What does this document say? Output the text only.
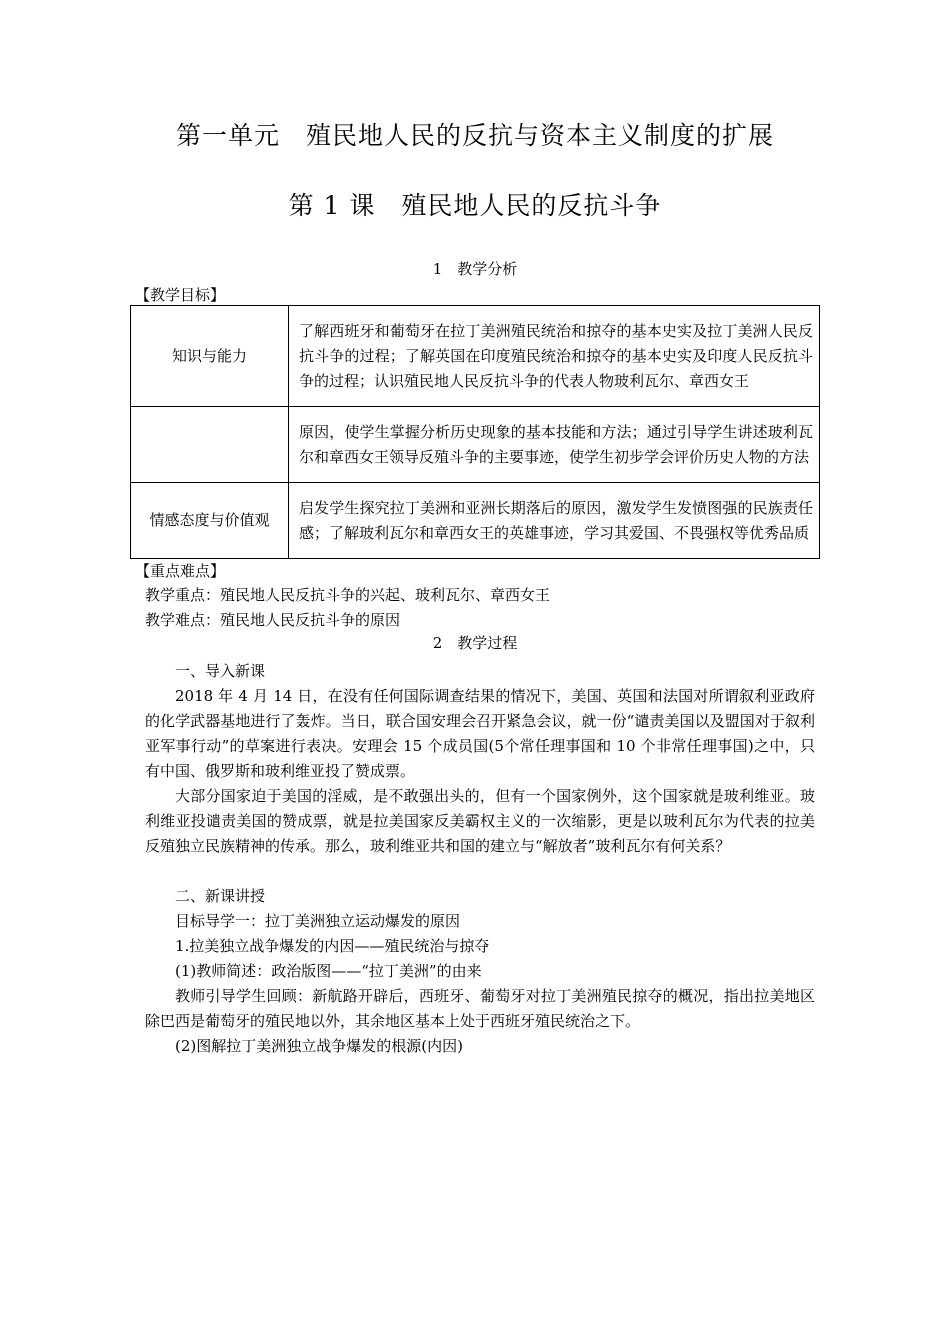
第一单元　殖民地人民的反抗与资本主义制度的扩展
第 1 课　殖民地人民的反抗斗争
1　教学分析
【教学目标】
知识与能力	了解西班牙和葡萄牙在拉丁美洲殖民统治和掠夺的基本史实及拉丁美洲人民反抗斗争的过程；了解英国在印度殖民统治和掠夺的基本史实及印度人民反抗斗争的过程；认识殖民地人民反抗斗争的代表人物玻利瓦尔、章西女王
	原因，使学生掌握分析历史现象的基本技能和方法；通过引导学生讲述玻利瓦尔和章西女王领导反殖斗争的主要事迹，使学生初步学会评价历史人物的方法
情感态度与价值观	启发学生探究拉丁美洲和亚洲长期落后的原因，激发学生发愤图强的民族责任感；了解玻利瓦尔和章西女王的英雄事迹，学习其爱国、不畏强权等优秀品质
【重点难点】
教学重点：殖民地人民反抗斗争的兴起、玻利瓦尔、章西女王
教学难点：殖民地人民反抗斗争的原因
2　教学过程
一、导入新课
2018 年 4 月 14 日，在没有任何国际调查结果的情况下，美国、英国和法国对所谓叙利亚政府的化学武器基地进行了轰炸。当日，联合国安理会召开紧急会议，就一份“谴责美国以及盟国对于叙利亚军事行动”的草案进行表决。安理会 15 个成员国(5个常任理事国和 10 个非常任理事国)之中，只有中国、俄罗斯和玻利维亚投了赞成票。
大部分国家迫于美国的淫威，是不敢强出头的，但有一个国家例外，这个国家就是玻利维亚。玻利维亚投谴责美国的赞成票，就是拉美国家反美霸权主义的一次缩影，更是以玻利瓦尔为代表的拉美反殖独立民族精神的传承。那么，玻利维亚共和国的建立与“解放者”玻利瓦尔有何关系？
二、新课讲授
目标导学一：拉丁美洲独立运动爆发的原因
1.拉美独立战争爆发的内因——殖民统治与掠夺
(1)教师简述：政治版图——“拉丁美洲”的由来
教师引导学生回顾：新航路开辟后，西班牙、葡萄牙对拉丁美洲殖民掠夺的概况，指出拉美地区除巴西是葡萄牙的殖民地以外，其余地区基本上处于西班牙殖民统治之下。
(2)图解拉丁美洲独立战争爆发的根源(内因)
